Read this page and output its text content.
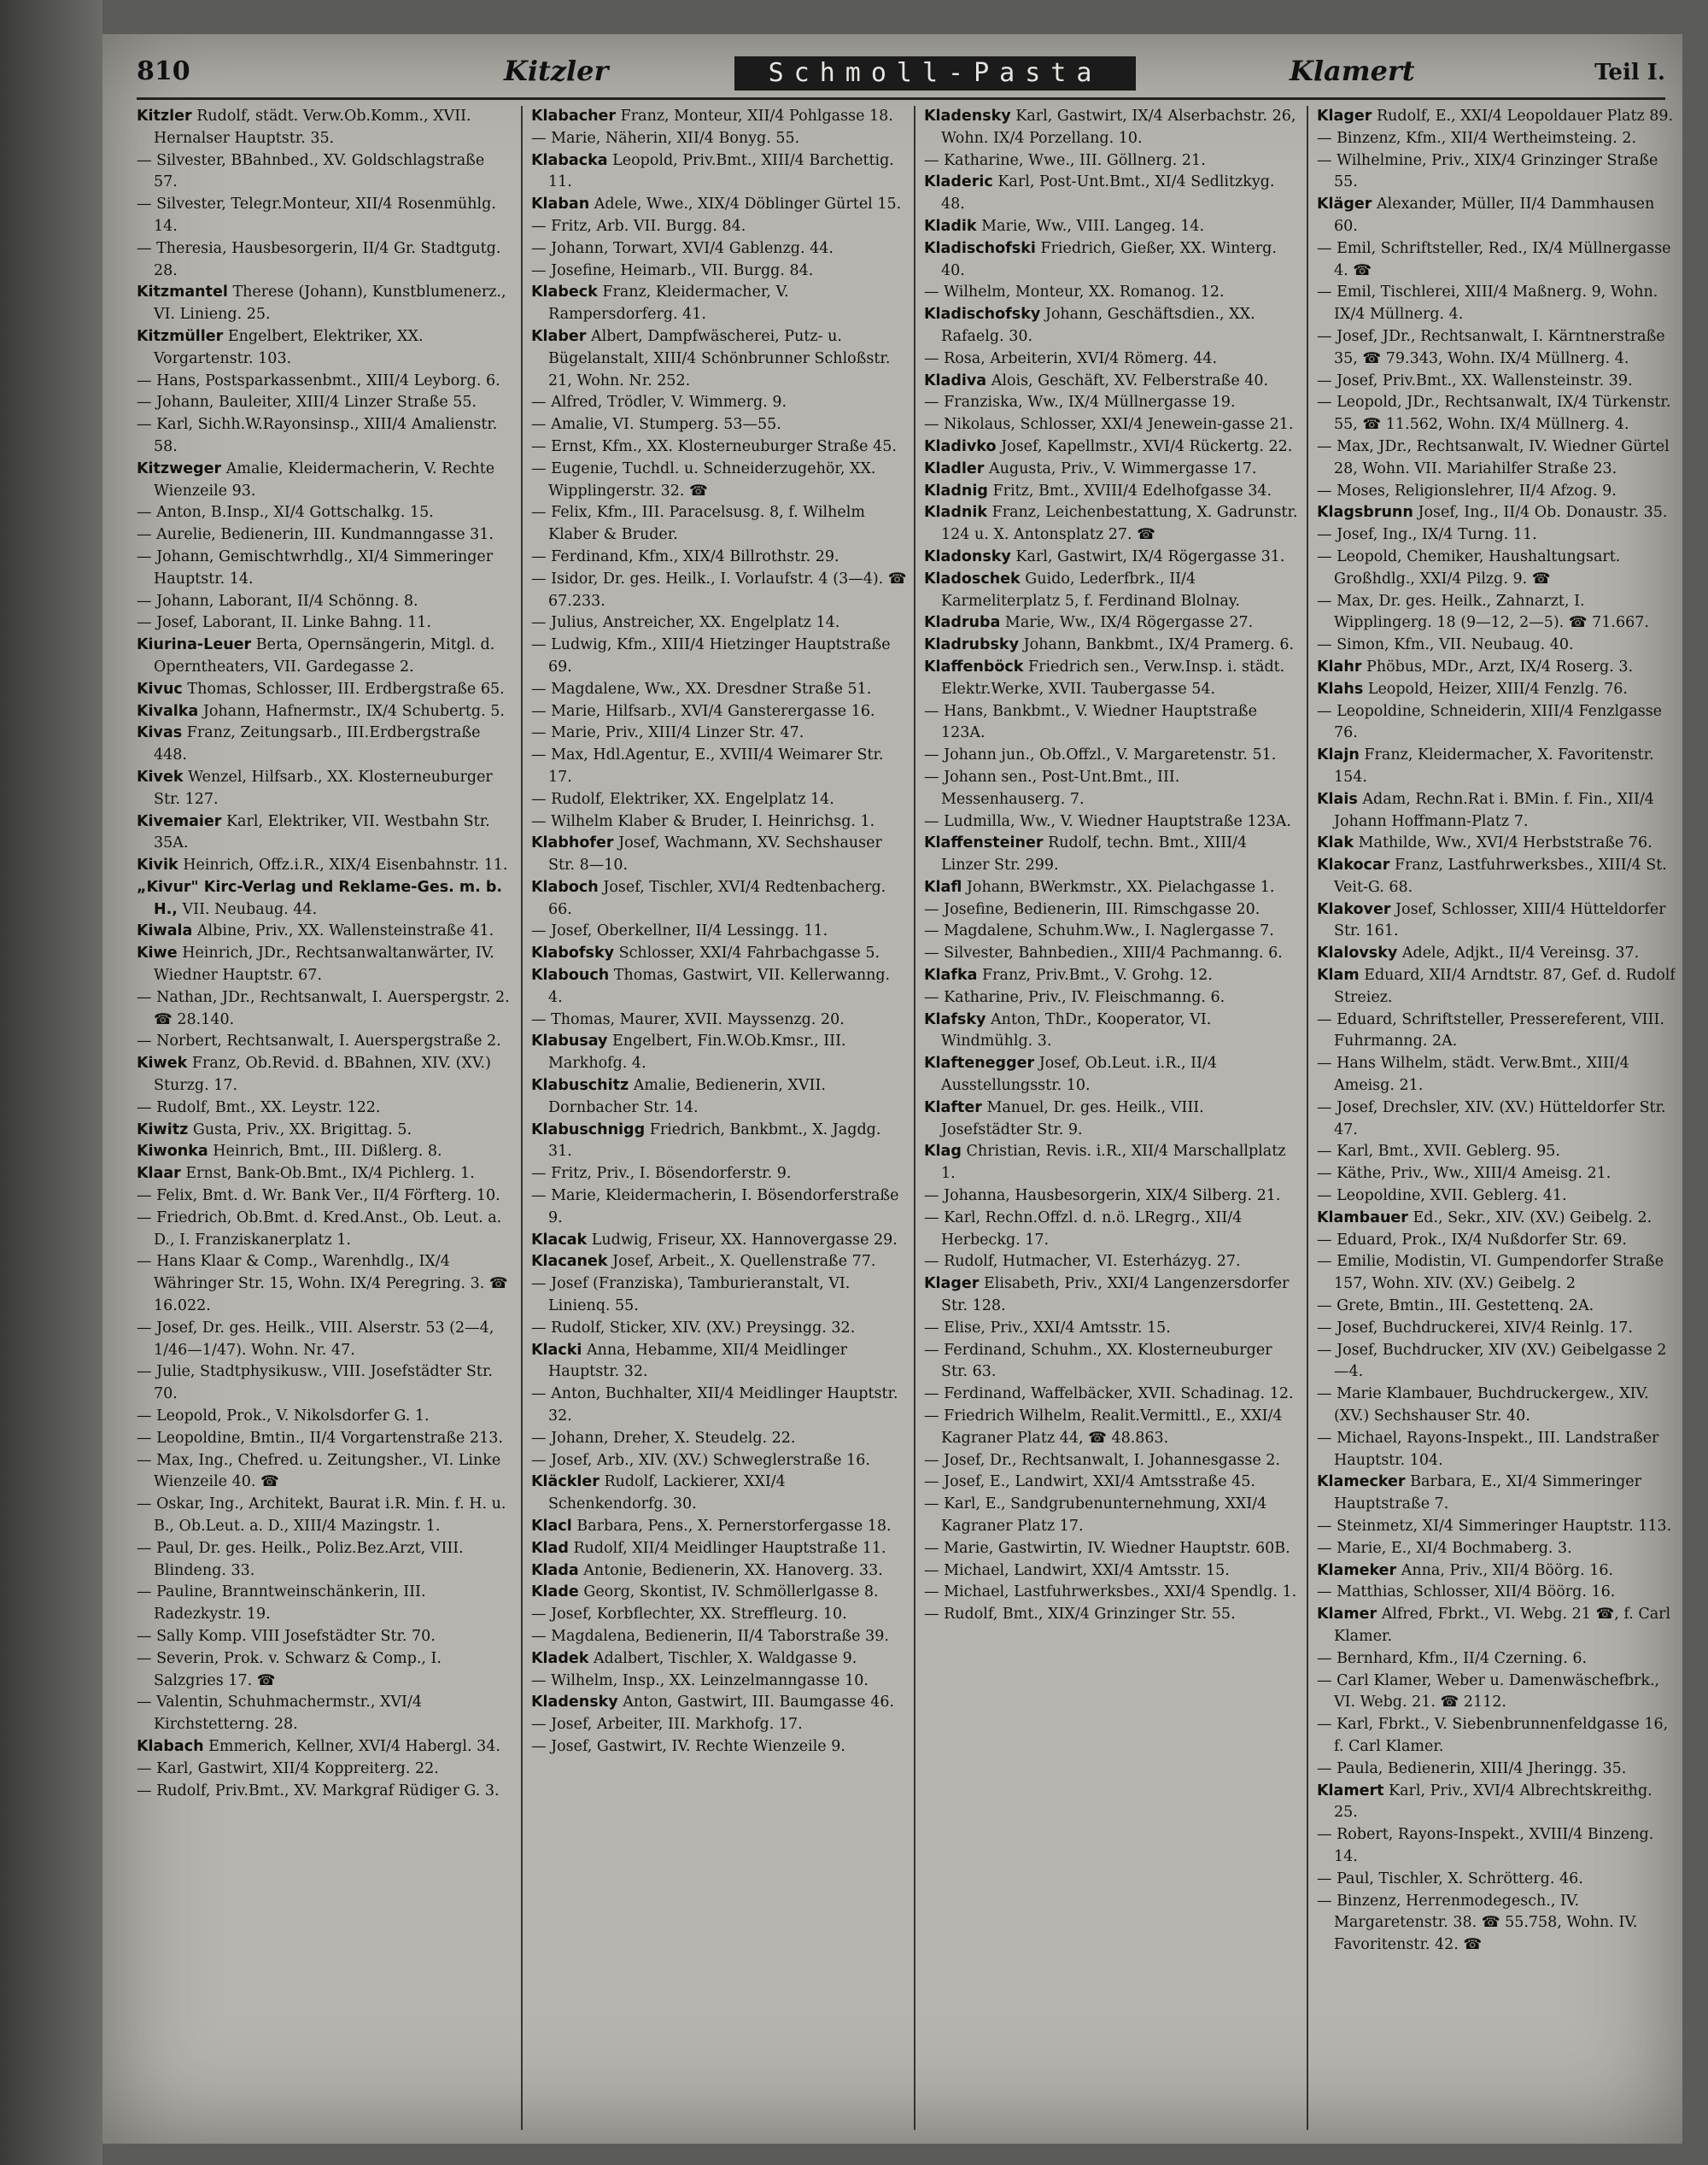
810	Kitzler	Schmoll-Pasta	Klamert	Teil I.

Kitzler Rudolf, städt. Verw.Ob.Komm., XVII. Hernalser Hauptstr. 35.

— Silvester, BBahnbed., XV. Goldschlagstraße 57.

— Silvester, Telegr.Monteur, XII/4 Rosenmühlg. 14.

— Theresia, Hausbesorgerin, II/4 Gr. Stadtgutg. 28.

Kitzmantel Therese (Johann), Kunstblumenerz., VI. Linieng. 25.

Kitzmüller Engelbert, Elektriker, XX. Vorgartenstr. 103.

— Hans, Postsparkassenbmt., XIII/4 Leyborg. 6.

— Johann, Bauleiter, XIII/4 Linzer Straße 55.

— Karl, Sichh.W.Rayonsinsp., XIII/4 Amalienstr. 58.

Kitzweger Amalie, Kleidermacherin, V. Rechte Wienzeile 93.

— Anton, B.Insp., XI/4 Gottschalkg. 15.

— Aurelie, Bedienerin, III. Kundmanngasse 31.

— Johann, Gemischtwrhdlg., XI/4 Simmeringer Hauptstr. 14.

— Johann, Laborant, II/4 Schönng. 8.

— Josef, Laborant, II. Linke Bahng. 11.

Kiurina-Leuer Berta, Opernsängerin, Mitgl. d. Operntheaters, VII. Gardegasse 2.

Kivuc Thomas, Schlosser, III. Erdbergstraße 65.

Kivalka Johann, Hafnermstr., IX/4 Schubertg. 5.

Kivas Franz, Zeitungsarb., III.Erdbergstraße 448.

Kivek Wenzel, Hilfsarb., XX. Klosterneuburger Str. 127.

Kivemaier Karl, Elektriker, VII. Westbahn Str. 35A.

Kivik Heinrich, Offz.i.R., XIX/4 Eisenbahnstr. 11.

„Kivur" Kirc-Verlag und Reklame-Ges. m. b. H., VII. Neubaug. 44.

Kiwala Albine, Priv., XX. Wallensteinstraße 41.

Kiwe Heinrich, JDr., Rechtsanwaltanwärter, IV. Wiedner Hauptstr. 67.

— Nathan, JDr., Rechtsanwalt, I. Auerspergstr. 2. ☎ 28.140.

— Norbert, Rechtsanwalt, I. Auerspergstraße 2.

Kiwek Franz, Ob.Revid. d. BBahnen, XIV. (XV.) Sturzg. 17.

— Rudolf, Bmt., XX. Leystr. 122.

Kiwitz Gusta, Priv., XX. Brigittag. 5.

Kiwonka Heinrich, Bmt., III. Dißlerg. 8.

Klaar Ernst, Bank-Ob.Bmt., IX/4 Pichlerg. 1.

— Felix, Bmt. d. Wr. Bank Ver., II/4 Förfterg. 10.

— Friedrich, Ob.Bmt. d. Kred.Anst., Ob. Leut. a. D., I. Franziskanerplatz 1.

— Hans Klaar & Comp., Warenhdlg., IX/4 Währinger Str. 15, Wohn. IX/4 Peregring. 3. ☎ 16.022.

— Josef, Dr. ges. Heilk., VIII. Alserstr. 53 (2—4, 1/46—1/47). Wohn. Nr. 47.

— Julie, Stadtphysikusw., VIII. Josefstädter Str. 70.

— Leopold, Prok., V. Nikolsdorfer G. 1.

— Leopoldine, Bmtin., II/4 Vorgartenstraße 213.

— Max, Ing., Chefred. u. Zeitungsher., VI. Linke Wienzeile 40. ☎

— Oskar, Ing., Architekt, Baurat i.R. Min. f. H. u. B., Ob.Leut. a. D., XIII/4 Mazingstr. 1.

— Paul, Dr. ges. Heilk., Poliz.Bez.Arzt, VIII. Blindeng. 33.

— Pauline, Branntweinschänkerin, III. Radezkystr. 19.

— Sally Komp. VIII Josefstädter Str. 70.

— Severin, Prok. v. Schwarz & Comp., I. Salzgries 17. ☎

— Valentin, Schuhmachermstr., XVI/4 Kirchstetterng. 28.

Klabach Emmerich, Kellner, XVI/4 Habergl. 34.

— Karl, Gastwirt, XII/4 Koppreiterg. 22.

— Rudolf, Priv.Bmt., XV. Markgraf Rüdiger G. 3.

Klabacher Franz, Monteur, XII/4 Pohlgasse 18.

— Marie, Näherin, XII/4 Bonyg. 55.

Klabacka Leopold, Priv.Bmt., XIII/4 Barchettig. 11.

Klaban Adele, Wwe., XIX/4 Döblinger Gürtel 15.

— Fritz, Arb. VII. Burgg. 84.

— Johann, Torwart, XVI/4 Gablenzg. 44.

— Josefine, Heimarb., VII. Burgg. 84.

Klabeck Franz, Kleidermacher, V. Rampersdorferg. 41.

Klaber Albert, Dampfwäscherei, Putz- u. Bügelanstalt, XIII/4 Schönbrunner Schloßstr. 21, Wohn. Nr. 252.

— Alfred, Trödler, V. Wimmerg. 9.

— Amalie, VI. Stumperg. 53—55.

— Ernst, Kfm., XX. Klosterneuburger Straße 45.

— Eugenie, Tuchdl. u. Schneiderzugehör, XX. Wipplingerstr. 32. ☎

— Felix, Kfm., III. Paracelsusg. 8, f. Wilhelm Klaber & Bruder.

— Ferdinand, Kfm., XIX/4 Billrothstr. 29.

— Isidor, Dr. ges. Heilk., I. Vorlaufstr. 4 (3—4). ☎ 67.233.

— Julius, Anstreicher, XX. Engelplatz 14.

— Ludwig, Kfm., XIII/4 Hietzinger Hauptstraße 69.

— Magdalene, Ww., XX. Dresdner Straße 51.

— Marie, Hilfsarb., XVI/4 Gansterergasse 16.

— Marie, Priv., XIII/4 Linzer Str. 47.

— Max, Hdl.Agentur, E., XVIII/4 Weimarer Str. 17.

— Rudolf, Elektriker, XX. Engelplatz 14.

— Wilhelm Klaber & Bruder, I. Heinrichsg. 1.

Klabhofer Josef, Wachmann, XV. Sechshauser Str. 8—10.

Klaboch Josef, Tischler, XVI/4 Redtenbacherg. 66.

— Josef, Oberkellner, II/4 Lessingg. 11.

Klabofsky Schlosser, XXI/4 Fahrbachgasse 5.

Klabouch Thomas, Gastwirt, VII. Kellerwanng. 4.

— Thomas, Maurer, XVII. Mayssenzg. 20.

Klabusay Engelbert, Fin.W.Ob.Kmsr., III. Markhofg. 4.

Klabuschitz Amalie, Bedienerin, XVII. Dornbacher Str. 14.

Klabuschnigg Friedrich, Bankbmt., X. Jagdg. 31.

— Fritz, Priv., I. Bösendorferstr. 9.

— Marie, Kleidermacherin, I. Bösendorferstraße 9.

Klacak Ludwig, Friseur, XX. Hannovergasse 29.

Klacanek Josef, Arbeit., X. Quellenstraße 77.

— Josef (Franziska), Tamburieranstalt, VI. Linienq. 55.

— Rudolf, Sticker, XIV. (XV.) Preysingg. 32.

Klacki Anna, Hebamme, XII/4 Meidlinger Hauptstr. 32.

— Anton, Buchhalter, XII/4 Meidlinger Hauptstr. 32.

— Johann, Dreher, X. Steudelg. 22.

— Josef, Arb., XIV. (XV.) Schweglerstraße 16.

Kläckler Rudolf, Lackierer, XXI/4 Schenkendorfg. 30.

Klacl Barbara, Pens., X. Pernerstorfergasse 18.

Klad Rudolf, XII/4 Meidlinger Hauptstraße 11.

Klada Antonie, Bedienerin, XX. Hanoverg. 33.

Klade Georg, Skontist, IV. Schmöllerlgasse 8.

— Josef, Korbflechter, XX. Streffleurg. 10.

— Magdalena, Bedienerin, II/4 Taborstraße 39.

Kladek Adalbert, Tischler, X. Waldgasse 9.

— Wilhelm, Insp., XX. Leinzelmanngasse 10.

Kladensky Anton, Gastwirt, III. Baumgasse 46.

— Josef, Arbeiter, III. Markhofg. 17.

— Josef, Gastwirt, IV. Rechte Wienzeile 9.

Kladensky Karl, Gastwirt, IX/4 Alserbachstr. 26, Wohn. IX/4 Porzellang. 10.

— Katharine, Wwe., III. Göllnerg. 21.

Kladeric Karl, Post-Unt.Bmt., XI/4 Sedlitzkyg. 48.

Kladik Marie, Ww., VIII. Langeg. 14.

Kladischofski Friedrich, Gießer, XX. Winterg. 40.

— Wilhelm, Monteur, XX. Romanog. 12.

Kladischofsky Johann, Geschäftsdien., XX. Rafaelg. 30.

— Rosa, Arbeiterin, XVI/4 Römerg. 44.

Kladiva Alois, Geschäft, XV. Felberstraße 40.

— Franziska, Ww., IX/4 Müllnergasse 19.

— Nikolaus, Schlosser, XXI/4 Jenewein-gasse 21.

Kladivko Josef, Kapellmstr., XVI/4 Rückertg. 22.

Kladler Augusta, Priv., V. Wimmergasse 17.

Kladnig Fritz, Bmt., XVIII/4 Edelhofgasse 34.

Kladnik Franz, Leichenbestattung, X. Gadrunstr. 124 u. X. Antonsplatz 27. ☎

Kladonsky Karl, Gastwirt, IX/4 Rögergasse 31.

Kladoschek Guido, Lederfbrk., II/4 Karmeliterplatz 5, f. Ferdinand Blolnay.

Kladruba Marie, Ww., IX/4 Rögergasse 27.

Kladrubsky Johann, Bankbmt., IX/4 Pramerg. 6.

Klaffenböck Friedrich sen., Verw.Insp. i. städt. Elektr.Werke, XVII. Taubergasse 54.

— Hans, Bankbmt., V. Wiedner Hauptstraße 123A.

— Johann jun., Ob.Offzl., V. Margaretenstr. 51.

— Johann sen., Post-Unt.Bmt., III. Messenhauserg. 7.

— Ludmilla, Ww., V. Wiedner Hauptstraße 123A.

Klaffensteiner Rudolf, techn. Bmt., XIII/4 Linzer Str. 299.

Klafl Johann, BWerkmstr., XX. Pielachgasse 1.

— Josefine, Bedienerin, III. Rimschgasse 20.

— Magdalene, Schuhm.Ww., I. Naglergasse 7.

— Silvester, Bahnbedien., XIII/4 Pachmanng. 6.

Klafka Franz, Priv.Bmt., V. Grohg. 12.

— Katharine, Priv., IV. Fleischmanng. 6.

Klafsky Anton, ThDr., Kooperator, VI. Windmühlg. 3.

Klaftenegger Josef, Ob.Leut. i.R., II/4 Ausstellungsstr. 10.

Klafter Manuel, Dr. ges. Heilk., VIII. Josefstädter Str. 9.

Klag Christian, Revis. i.R., XII/4 Marschallplatz 1.

— Johanna, Hausbesorgerin, XIX/4 Silberg. 21.

— Karl, Rechn.Offzl. d. n.ö. LRegrg., XII/4 Herbeckg. 17.

— Rudolf, Hutmacher, VI. Esterházyg. 27.

Klager Elisabeth, Priv., XXI/4 Langenzersdorfer Str. 128.

— Elise, Priv., XXI/4 Amtsstr. 15.

— Ferdinand, Schuhm., XX. Klosterneuburger Str. 63.

— Ferdinand, Waffelbäcker, XVII. Schadinag. 12.

— Friedrich Wilhelm, Realit.Vermittl., E., XXI/4 Kagraner Platz 44, ☎ 48.863.

— Josef, Dr., Rechtsanwalt, I. Johannesgasse 2.

— Josef, E., Landwirt, XXI/4 Amtsstraße 45.

— Karl, E., Sandgrubenunternehmung, XXI/4 Kagraner Platz 17.

— Marie, Gastwirtin, IV. Wiedner Hauptstr. 60B.

— Michael, Landwirt, XXI/4 Amtsstr. 15.

— Michael, Lastfuhrwerksbes., XXI/4 Spendlg. 1.

— Rudolf, Bmt., XIX/4 Grinzinger Str. 55.

Klager Rudolf, E., XXI/4 Leopoldauer Platz 89.

— Binzenz, Kfm., XII/4 Wertheimsteing. 2.

— Wilhelmine, Priv., XIX/4 Grinzinger Straße 55.

Kläger Alexander, Müller, II/4 Dammhausen 60.

— Emil, Schriftsteller, Red., IX/4 Müllnergasse 4. ☎

— Emil, Tischlerei, XIII/4 Maßnerg. 9, Wohn. IX/4 Müllnerg. 4.

— Josef, JDr., Rechtsanwalt, I. Kärntnerstraße 35, ☎ 79.343, Wohn. IX/4 Müllnerg. 4.

— Josef, Priv.Bmt., XX. Wallensteinstr. 39.

— Leopold, JDr., Rechtsanwalt, IX/4 Türkenstr. 55, ☎ 11.562, Wohn. IX/4 Müllnerg. 4.

— Max, JDr., Rechtsanwalt, IV. Wiedner Gürtel 28, Wohn. VII. Mariahilfer Straße 23.

— Moses, Religionslehrer, II/4 Afzog. 9.

Klagsbrunn Josef, Ing., II/4 Ob. Donaustr. 35.

— Josef, Ing., IX/4 Turng. 11.

— Leopold, Chemiker, Haushaltungsart. Großhdlg., XXI/4 Pilzg. 9. ☎

— Max, Dr. ges. Heilk., Zahnarzt, I. Wipplingerg. 18 (9—12, 2—5). ☎ 71.667.

— Simon, Kfm., VII. Neubaug. 40.

Klahr Phöbus, MDr., Arzt, IX/4 Roserg. 3.

Klahs Leopold, Heizer, XIII/4 Fenzlg. 76.

— Leopoldine, Schneiderin, XIII/4 Fenzlgasse 76.

Klajn Franz, Kleidermacher, X. Favoritenstr. 154.

Klais Adam, Rechn.Rat i. BMin. f. Fin., XII/4 Johann Hoffmann-Platz 7.

Klak Mathilde, Ww., XVI/4 Herbststraße 76.

Klakocar Franz, Lastfuhrwerksbes., XIII/4 St. Veit-G. 68.

Klakover Josef, Schlosser, XIII/4 Hütteldorfer Str. 161.

Klalovsky Adele, Adjkt., II/4 Vereinsg. 37.

Klam Eduard, XII/4 Arndtstr. 87, Gef. d. Rudolf Streiez.

— Eduard, Schriftsteller, Pressereferent, VIII. Fuhrmanng. 2A.

— Hans Wilhelm, städt. Verw.Bmt., XIII/4 Ameisg. 21.

— Josef, Drechsler, XIV. (XV.) Hütteldorfer Str. 47.

— Karl, Bmt., XVII. Geblerg. 95.

— Käthe, Priv., Ww., XIII/4 Ameisg. 21.

— Leopoldine, XVII. Geblerg. 41.

Klambauer Ed., Sekr., XIV. (XV.) Geibelg. 2.

— Eduard, Prok., IX/4 Nußdorfer Str. 69.

— Emilie, Modistin, VI. Gumpendorfer Straße 157, Wohn. XIV. (XV.) Geibelg. 2

— Grete, Bmtin., III. Gestettenq. 2A.

— Josef, Buchdruckerei, XIV/4 Reinlg. 17.

— Josef, Buchdrucker, XIV (XV.) Geibelgasse 2—4.

— Marie Klambauer, Buchdruckergew., XIV. (XV.) Sechshauser Str. 40.

— Michael, Rayons-Inspekt., III. Landstraßer Hauptstr. 104.

Klamecker Barbara, E., XI/4 Simmeringer Hauptstraße 7.

— Steinmetz, XI/4 Simmeringer Hauptstr. 113.

— Marie, E., XI/4 Bochmaberg. 3.

Klameker Anna, Priv., XII/4 Böörg. 16.

— Matthias, Schlosser, XII/4 Böörg. 16.

Klamer Alfred, Fbrkt., VI. Webg. 21 ☎, f. Carl Klamer.

— Bernhard, Kfm., II/4 Czerning. 6.

— Carl Klamer, Weber u. Damenwäschefbrk., VI. Webg. 21. ☎ 2112.

— Karl, Fbrkt., V. Siebenbrunnenfeldgasse 16, f. Carl Klamer.

— Paula, Bedienerin, XIII/4 Jheringg. 35.

Klamert Karl, Priv., XVI/4 Albrechtskreithg. 25.

— Robert, Rayons-Inspekt., XVIII/4 Binzeng. 14.

— Paul, Tischler, X. Schrötterg. 46.

— Binzenz, Herrenmodegesch., IV. Margaretenstr. 38. ☎ 55.758, Wohn. IV. Favoritenstr. 42. ☎
